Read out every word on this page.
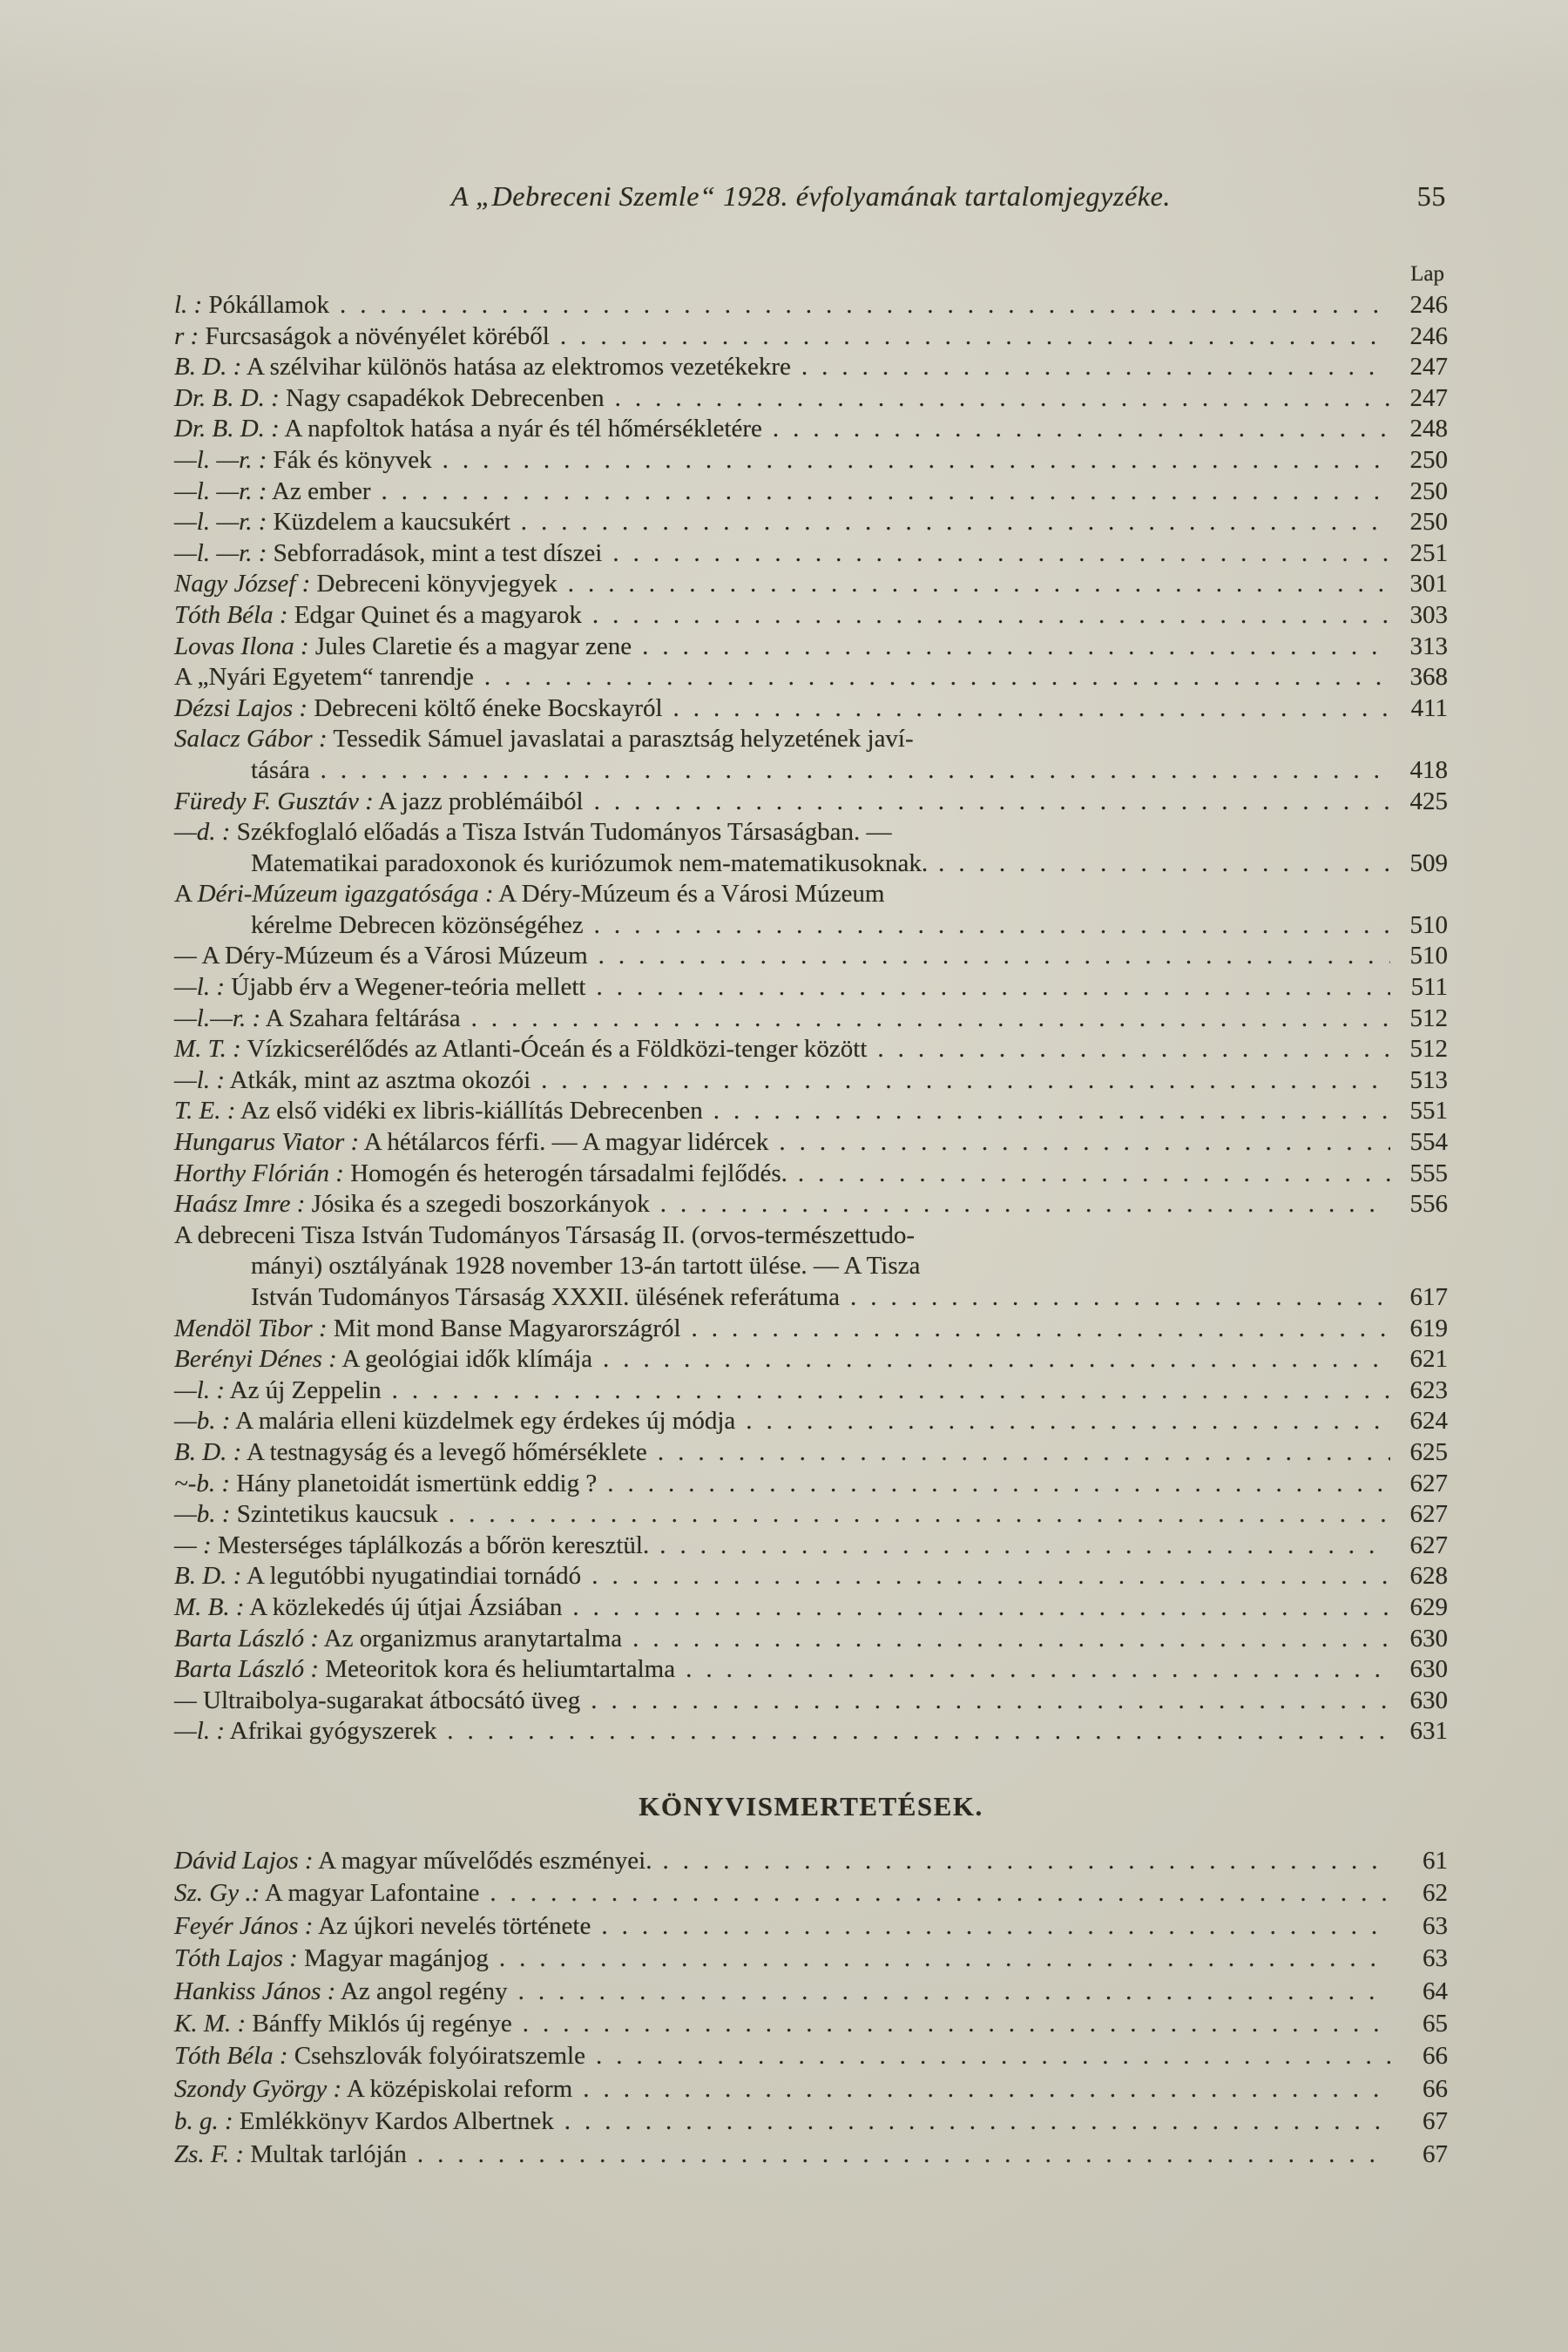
A „Debreceni Szemle“ 1928. évfolyamának tartalomjegyzéke.	55
Lap
l. : Pókállamok .....	246
r : Furcsaságok a növényélet köréből .....	246
B. D. : A szélvihar különös hatása az elektromos vezetékekre .....	247
Dr. B. D. : Nagy csapadékok Debrecenben .....	247
Dr. B. D. : A napfoltok hatása a nyár és tél hőmérsékletére .....	248
—l. —r. : Fák és könyvek .....	250
—l. —r. : Az ember .....	250
—l. —r. : Küzdelem a kaucsukért .....	250
—l. —r. : Sebforradások, mint a test díszei .....	251
Nagy József : Debreceni könyvjegyek .....	301
Tóth Béla : Edgar Quinet és a magyarok .....	303
Lovas Ilona : Jules Claretie és a magyar zene .....	313
A „Nyári Egyetem“ tanrendje .....	368
Dézsi Lajos : Debreceni költő éneke Bocskayról .....	411
Salacz Gábor : Tessedik Sámuel javaslatai a parasztság helyzetének javí-
tására .....	418
Füredy F. Gusztáv : A jazz problémáiból .....	425
—d. : Székfoglaló előadás a Tisza István Tudományos Társaságban. —
Matematikai paradoxonok és kuriózumok nem-matematikusoknak. .....	509
A Déri-Múzeum igazgatósága : A Déry-Múzeum és a Városi Múzeum
kérelme Debrecen közönségéhez .....	510
— A Déry-Múzeum és a Városi Múzeum .....	510
—l. : Újabb érv a Wegener-teória mellett .....	511
—l.—r. : A Szahara feltárása .....	512
M. T. : Vízkicserélődés az Atlanti-Óceán és a Földközi-tenger között .....	512
—l. : Atkák, mint az asztma okozói .....	513
T. E. : Az első vidéki ex libris-kiállítás Debrecenben .....	551
Hungarus Viator : A hétálarcos férfi. — A magyar lidércek .....	554
Horthy Flórián : Homogén és heterogén társadalmi fejlődés. .....	555
Haász Imre : Jósika és a szegedi boszorkányok .....	556
A debreceni Tisza István Tudományos Társaság II. (orvos-természettudo-
mányi) osztályának 1928 november 13-án tartott ülése. — A Tisza
István Tudományos Társaság XXXII. ülésének referátuma .....	617
Mendöl Tibor : Mit mond Banse Magyarországról .....	619
Berényi Dénes : A geológiai idők klímája .....	621
—l. : Az új Zeppelin .....	623
—b. : A malária elleni küzdelmek egy érdekes új módja .....	624
B. D. : A testnagyság és a levegő hőmérséklete .....	625
~-b. : Hány planetoidát ismertünk eddig ? .....	627
—b. : Szintetikus kaucsuk .....	627
— : Mesterséges táplálkozás a bőrön keresztül. .....	627
B. D. : A legutóbbi nyugatindiai tornádó .....	628
M. B. : A közlekedés új útjai Ázsiában .....	629
Barta László : Az organizmus aranytartalma .....	630
Barta László : Meteoritok kora és heliumtartalma .....	630
— Ultraibolya-sugarakat átbocsátó üveg .....	630
—l. : Afrikai gyógyszerek .....	631
KÖNYVISMERTETÉSEK.
Dávid Lajos : A magyar művelődés eszményei. .....	61
Sz. Gy .: A magyar Lafontaine .....	62
Feyér János : Az újkori nevelés története .....	63
Tóth Lajos : Magyar magánjog .....	63
Hankiss János : Az angol regény .....	64
K. M. : Bánffy Miklós új regénye .....	65
Tóth Béla : Csehszlovák folyóiratszemle .....	66
Szondy György : A középiskolai reform .....	66
b. g. : Emlékkönyv Kardos Albertnek .....	67
Zs. F. : Multak tarlóján .....	67
